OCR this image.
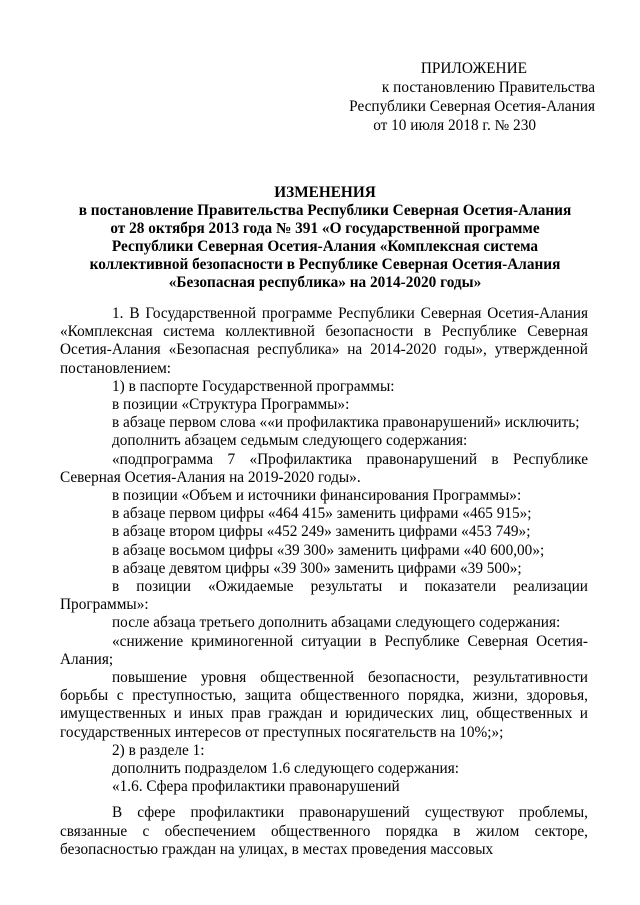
ПРИЛОЖЕНИЕ
к постановлению Правительства
Республики Северная Осетия-Алания
от 10 июля 2018 г. № 230
ИЗМЕНЕНИЯ
в постановление Правительства Республики Северная Осетия-Алания
от 28 октября 2013 года № 391 «О государственной программе
Республики Северная Осетия-Алания «Комплексная система
коллективной безопасности в Республике Северная Осетия-Алания
«Безопасная республика» на 2014-2020 годы»

1. В Государственной программе Республики Северная Осетия-Алания «Комплексная система коллективной безопасности в Республике Северная Осетия-Алания «Безопасная республика» на 2014-2020 годы», утвержденной постановлением:

1) в паспорте Государственной программы:

в позиции «Структура Программы»:

в абзаце первом слова ««и профилактика правонарушений» исключить;

дополнить абзацем седьмым следующего содержания:

«подпрограмма 7 «Профилактика правонарушений в Республике Северная Осетия-Алания на 2019-2020 годы».

в позиции «Объем и источники финансирования Программы»:

в абзаце первом цифры «464 415» заменить цифрами «465 915»;

в абзаце втором цифры «452 249» заменить цифрами «453 749»;

в абзаце восьмом цифры «39 300» заменить цифрами «40 600,00»;

в абзаце девятом цифры «39 300» заменить цифрами «39 500»;

в позиции «Ожидаемые результаты и показатели реализации Программы»:

после абзаца третьего дополнить абзацами следующего содержания:

«снижение криминогенной ситуации в Республике Северная Осетия-Алания;

повышение уровня общественной безопасности, результативности борьбы с преступностью, защита общественного порядка, жизни, здоровья, имущественных и иных прав граждан и юридических лиц, общественных и государственных интересов от преступных посягательств на 10%;»;

2) в разделе 1:

дополнить подразделом 1.6 следующего содержания:

«1.6. Сфера профилактики правонарушений

В сфере профилактики правонарушений существуют проблемы, связанные с обеспечением общественного порядка в жилом секторе, безопасностью граждан на улицах, в местах проведения массовых
